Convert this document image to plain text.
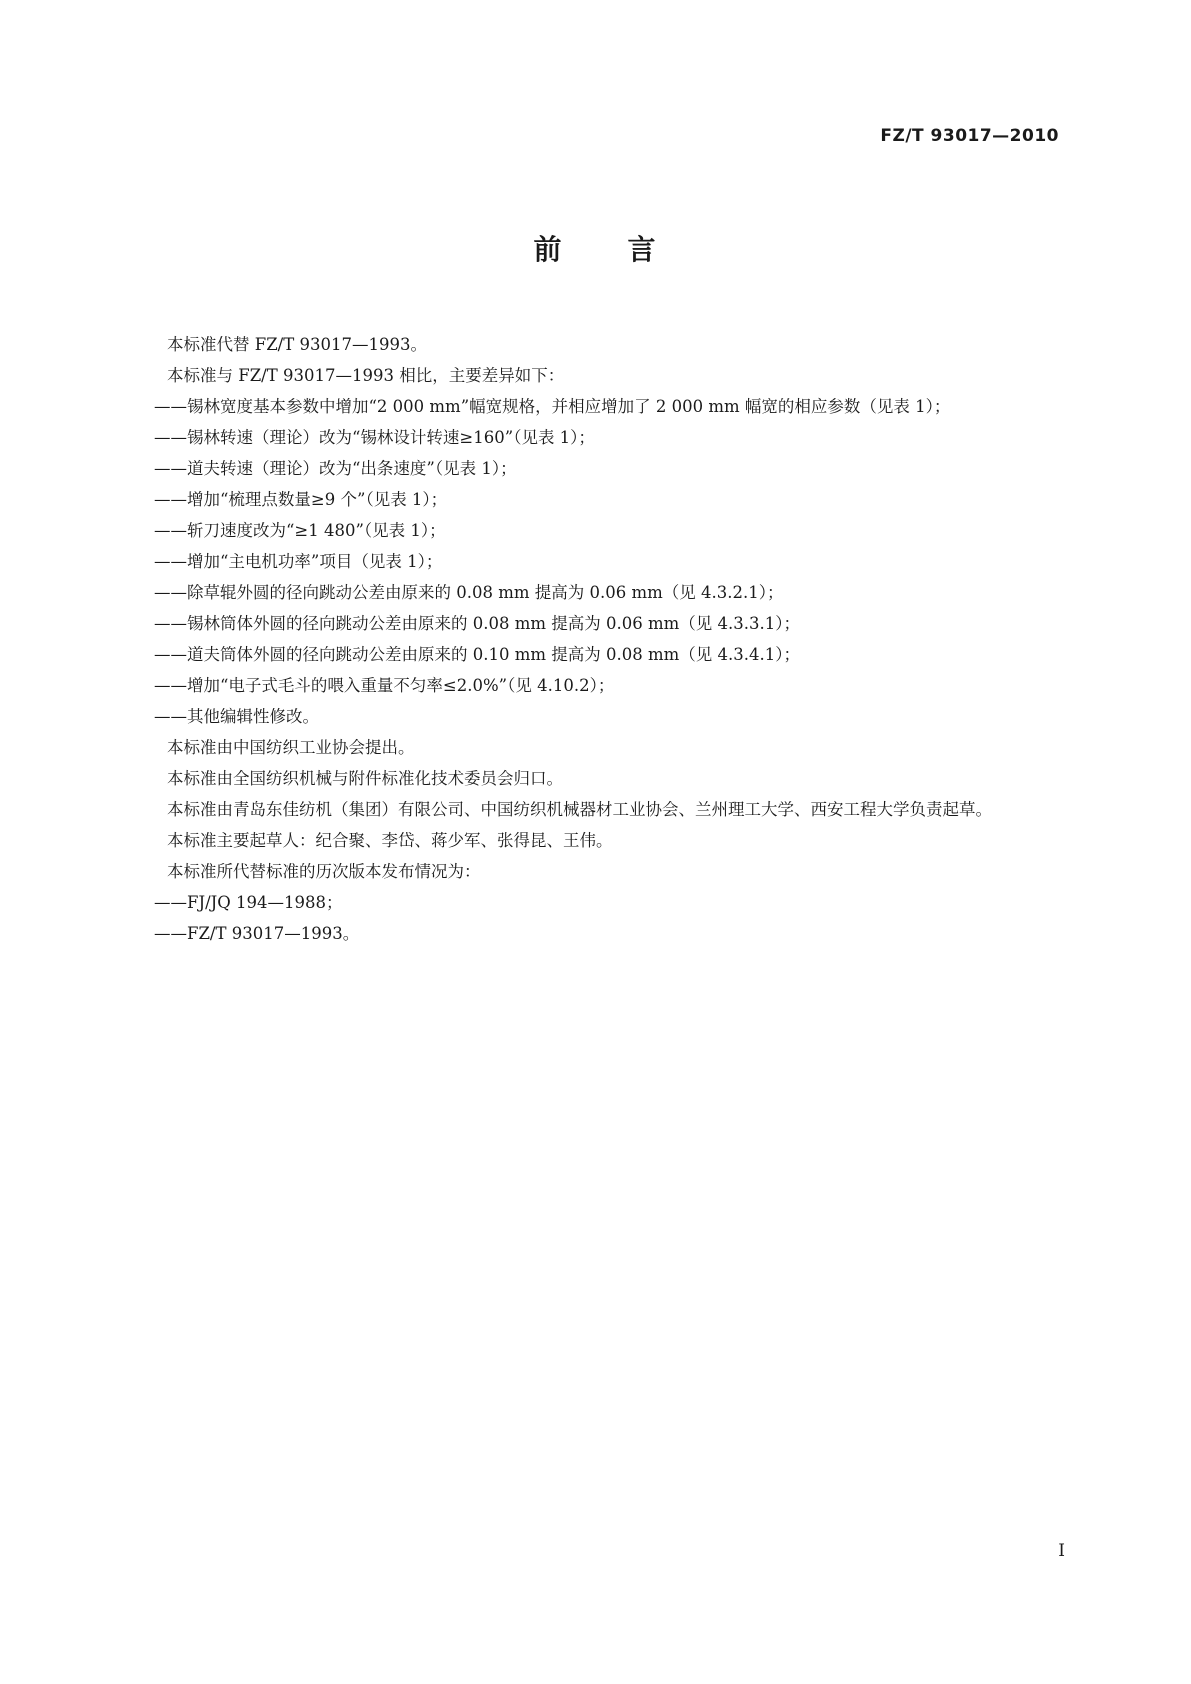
FZ/T 93017—2010
前 言

本标准代替 FZ/T 93017—1993。

本标准与 FZ/T 93017—1993 相比，主要差异如下：

——锡林宽度基本参数中增加“2 000 mm”幅宽规格，并相应增加了 2 000 mm 幅宽的相应参数（见表 1）；

——锡林转速（理论）改为“锡林设计转速≥160”（见表 1）；

——道夫转速（理论）改为“出条速度”（见表 1）；

——增加“梳理点数量≥9 个”（见表 1）；

——斩刀速度改为“≥1 480”（见表 1）；

——增加“主电机功率”项目（见表 1）；

——除草辊外圆的径向跳动公差由原来的 0.08 mm 提高为 0.06 mm（见 4.3.2.1）；

——锡林筒体外圆的径向跳动公差由原来的 0.08 mm 提高为 0.06 mm（见 4.3.3.1）；

——道夫筒体外圆的径向跳动公差由原来的 0.10 mm 提高为 0.08 mm（见 4.3.4.1）；

——增加“电子式毛斗的喂入重量不匀率≤2.0%”（见 4.10.2）；

——其他编辑性修改。

本标准由中国纺织工业协会提出。

本标准由全国纺织机械与附件标准化技术委员会归口。

本标准由青岛东佳纺机（集团）有限公司、中国纺织机械器材工业协会、兰州理工大学、西安工程大学负责起草。

本标准主要起草人：纪合聚、李岱、蒋少军、张得昆、王伟。

本标准所代替标准的历次版本发布情况为：

——FJ/JQ 194—1988；

——FZ/T 93017—1993。

I
